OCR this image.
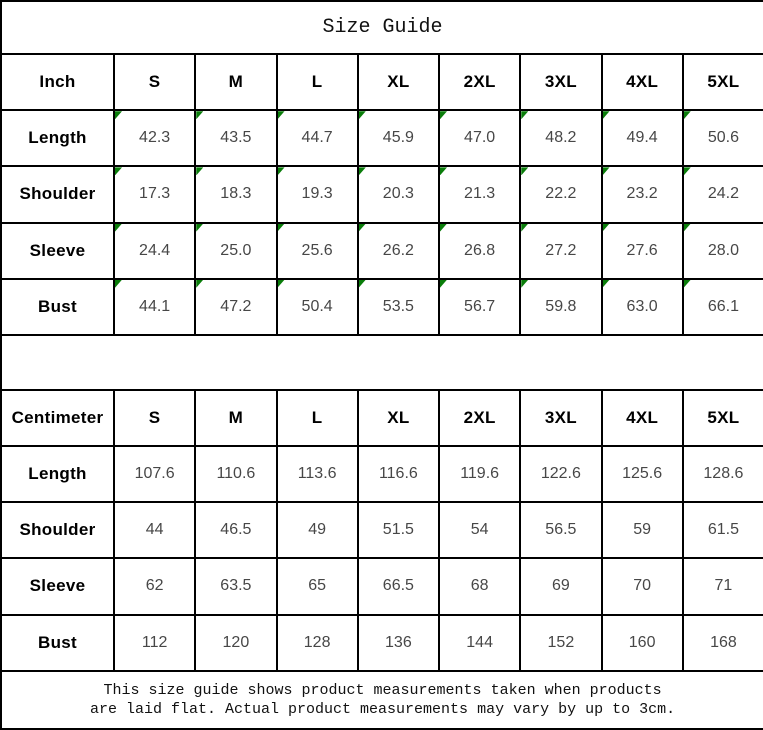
Size Guide								
Inch	S	M	L	XL	2XL	3XL	4XL	5XL
Length	42.3	43.5	44.7	45.9	47.0	48.2	49.4	50.6
Shoulder	17.3	18.3	19.3	20.3	21.3	22.2	23.2	24.2
Sleeve	24.4	25.0	25.6	26.2	26.8	27.2	27.6	28.0
Bust	44.1	47.2	50.4	53.5	56.7	59.8	63.0	66.1

Centimeter	S	M	L	XL	2XL	3XL	4XL	5XL
Length	107.6	110.6	113.6	116.6	119.6	122.6	125.6	128.6
Shoulder	44	46.5	49	51.5	54	56.5	59	61.5
Sleeve	62	63.5	65	66.5	68	69	70	71
Bust	112	120	128	136	144	152	160	168

This size guide shows product measurements taken when products
are laid flat. Actual product measurements may vary by up to 3cm.								
